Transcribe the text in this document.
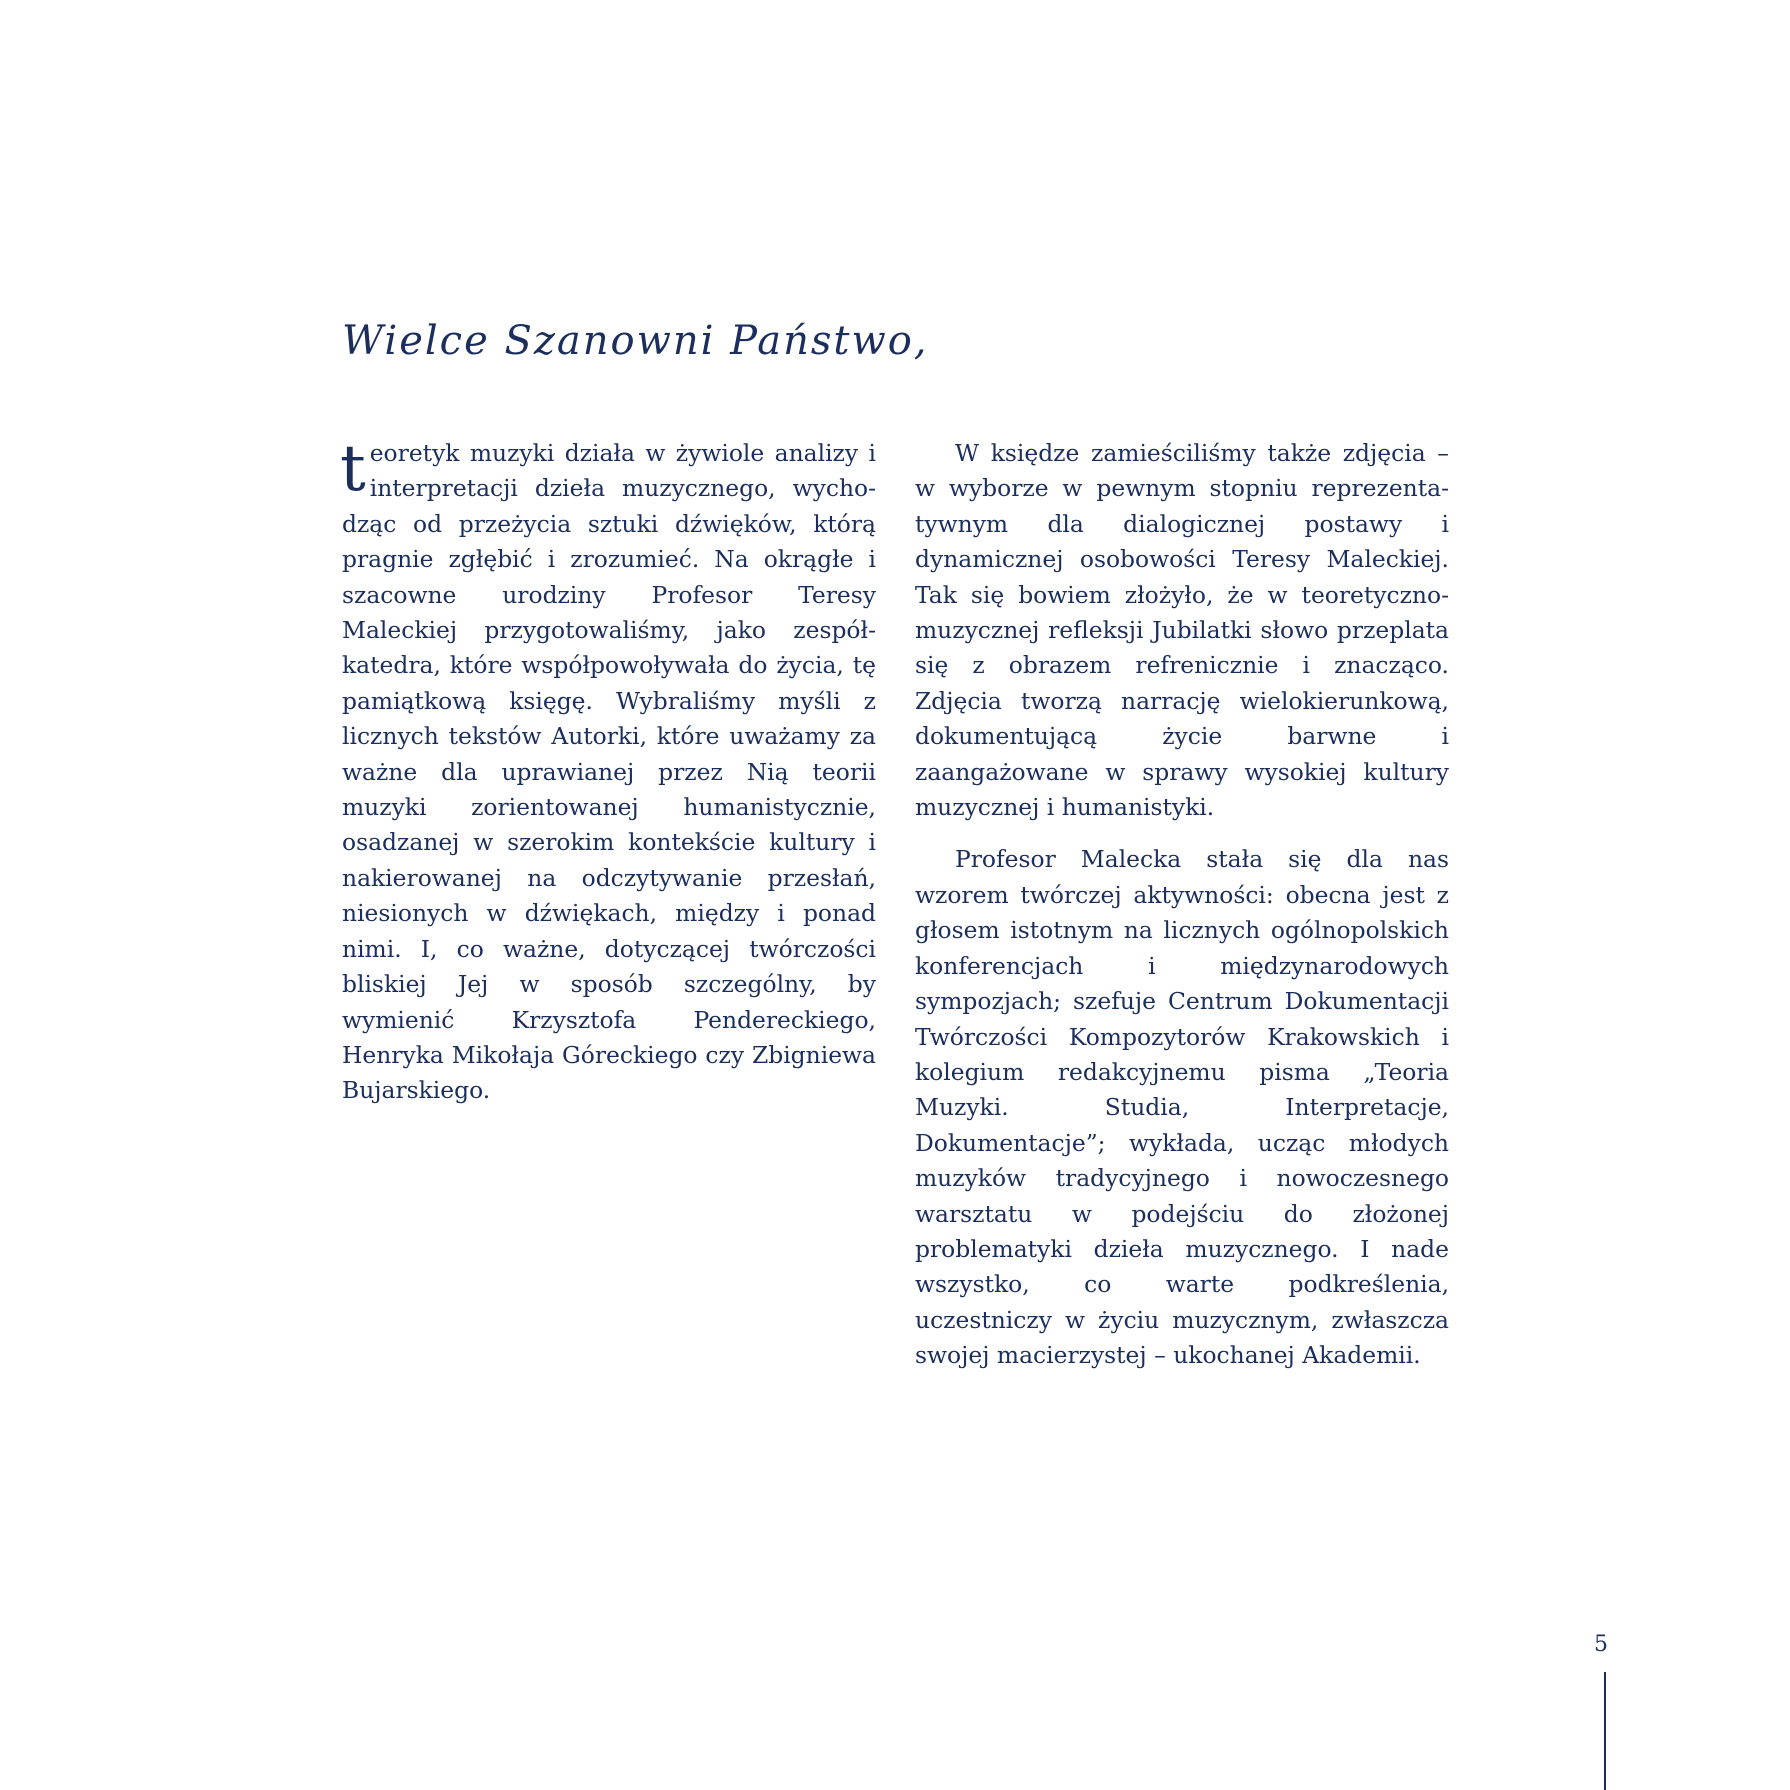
Wielce Szanowni Państwo,

teoretyk muzyki działa w żywiole analizy i interpretacji dzieła muzycznego, wychodząc od przeżycia sztuki dźwięków, którą pragnie zgłębić i zrozumieć. Na okrągłe i szacowne urodziny Profesor Teresy Maleckiej przygotowaliśmy, jako zespół-katedra, które współpowoływała do życia, tę pamiątkową księgę. Wybraliśmy myśli z licznych tekstów Autorki, które uważamy za ważne dla uprawianej przez Nią teorii muzyki zorientowanej humanistycznie, osadzanej w szerokim kontekście kultury i nakierowanej na odczytywanie przesłań, niesionych w dźwiękach, między i ponad nimi. I, co ważne, dotyczącej twórczości bliskiej Jej w sposób szczególny, by wymienić Krzysztofa Pendereckiego, Henryka Mikołaja Góreckiego czy Zbigniewa Bujarskiego.

W księdze zamieściliśmy także zdjęcia – w wyborze w pewnym stopniu reprezentatywnym dla dialogicznej postawy i dynamicznej osobowości Teresy Maleckiej. Tak się bowiem złożyło, że w teoretyczno-muzycznej refleksji Jubilatki słowo przeplata się z obrazem refrenicznie i znacząco. Zdjęcia tworzą narrację wielokierunkową, dokumentującą życie barwne i zaangażowane w sprawy wysokiej kultury muzycznej i humanistyki.

Profesor Malecka stała się dla nas wzorem twórczej aktywności: obecna jest z głosem istotnym na licznych ogólnopolskich konferencjach i międzynarodowych sympozjach; szefuje Centrum Dokumentacji Twórczości Kompozytorów Krakowskich i kolegium redakcyjnemu pisma „Teoria Muzyki. Studia, Interpretacje, Dokumentacje”; wykłada, ucząc młodych muzyków tradycyjnego i nowoczesnego warsztatu w podejściu do złożonej problematyki dzieła muzycznego. I nade wszystko, co warte podkreślenia, uczestniczy w życiu muzycznym, zwłaszcza swojej macierzystej – ukochanej Akademii.

5
